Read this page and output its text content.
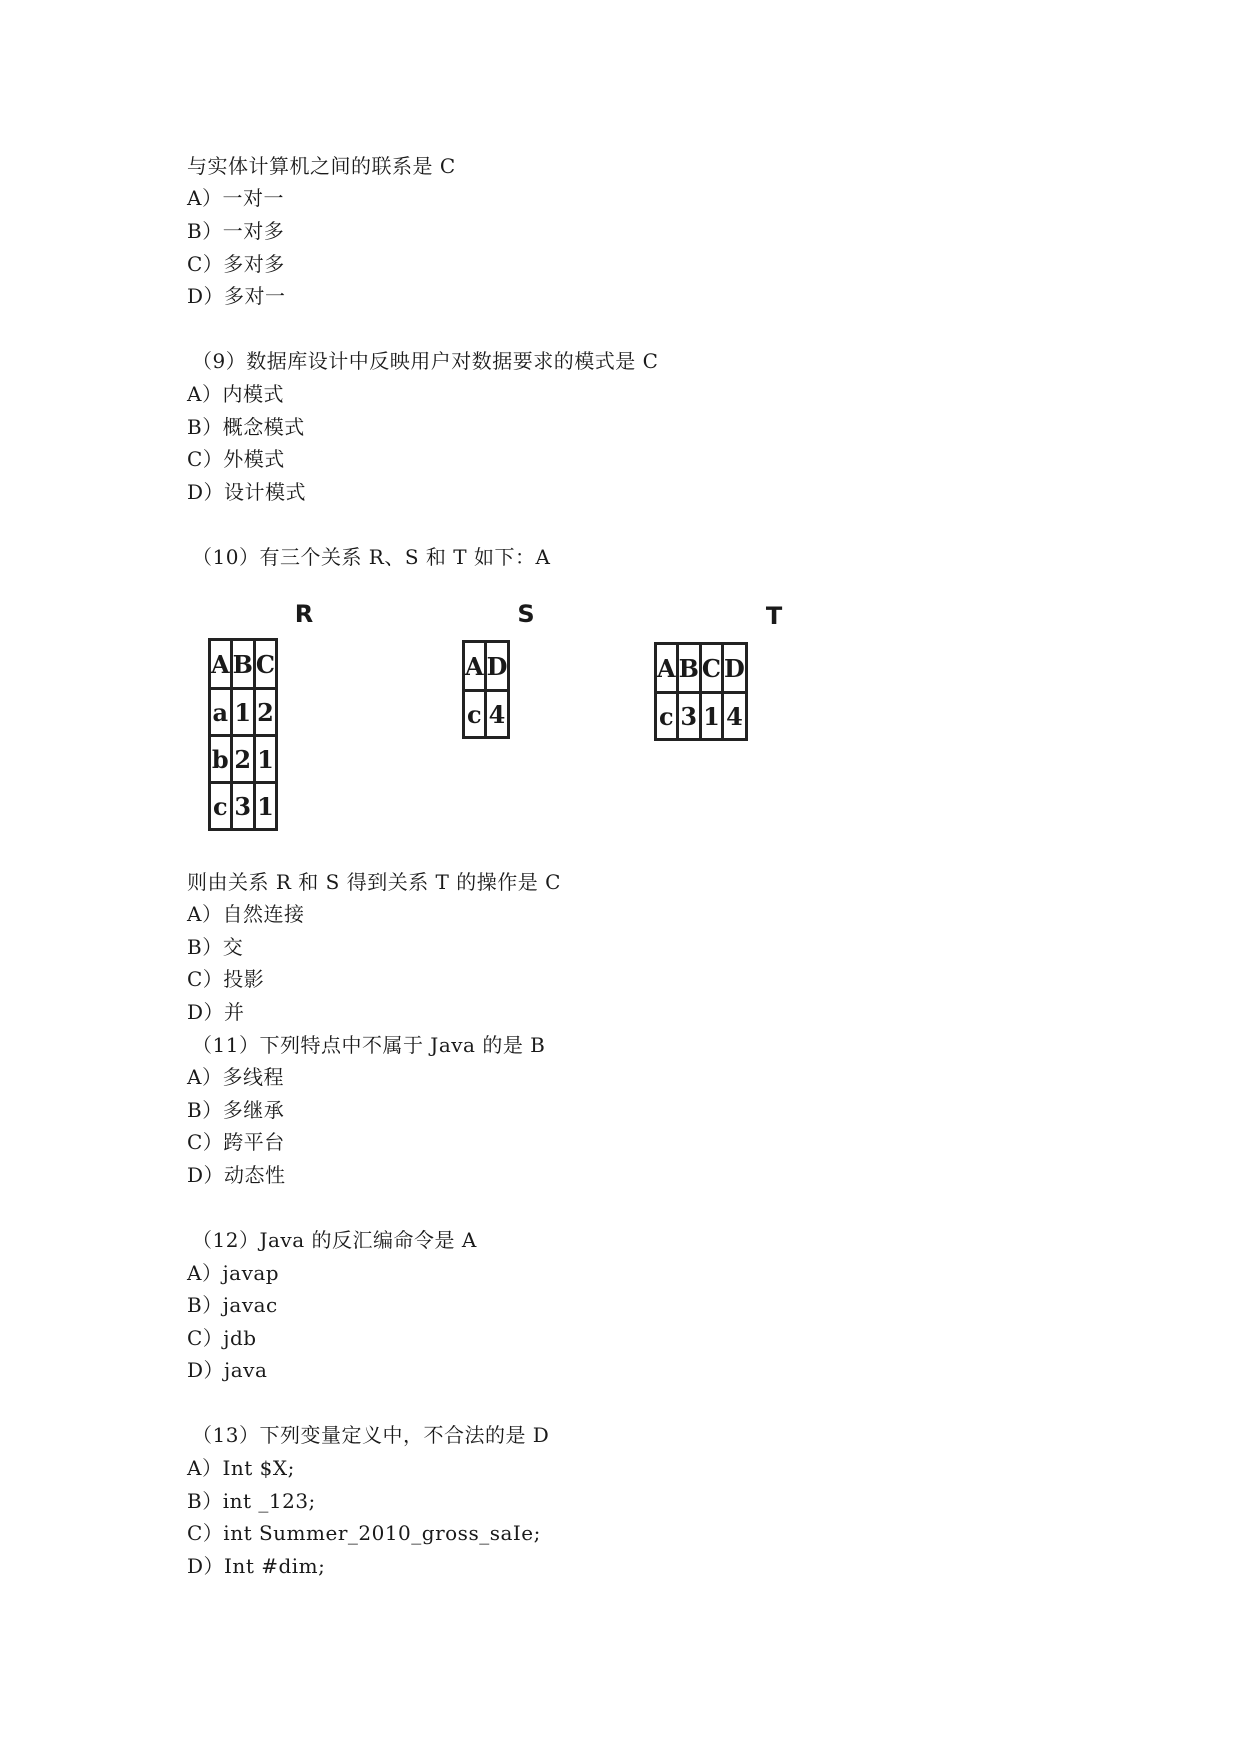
与实体计算机之间的联系是 C
A）一对一
B）一对多
C）多对多
D）多对一
（9）数据库设计中反映用户对数据要求的模式是 C
A）内模式
B）概念模式
C）外模式
D）设计模式
（10）有三个关系 R、S 和 T 如下：A
R
A	B	C
a	1	2
b	2	1
c	3	1
S
A	D
c	4
T
A	B	C	D
c	3	1	4
则由关系 R 和 S 得到关系 T 的操作是 C
A）自然连接
B）交
C）投影
D）并
（11）下列特点中不属于 Java 的是 B
A）多线程
B）多继承
C）跨平台
D）动态性
（12）Java 的反汇编命令是 A
A）javap
B）javac
C）jdb
D）java
（13）下列变量定义中，不合法的是 D
A）Int $X;
B）int _123;
C）int Summer_2010_gross_saIe;
D）Int #dim;
